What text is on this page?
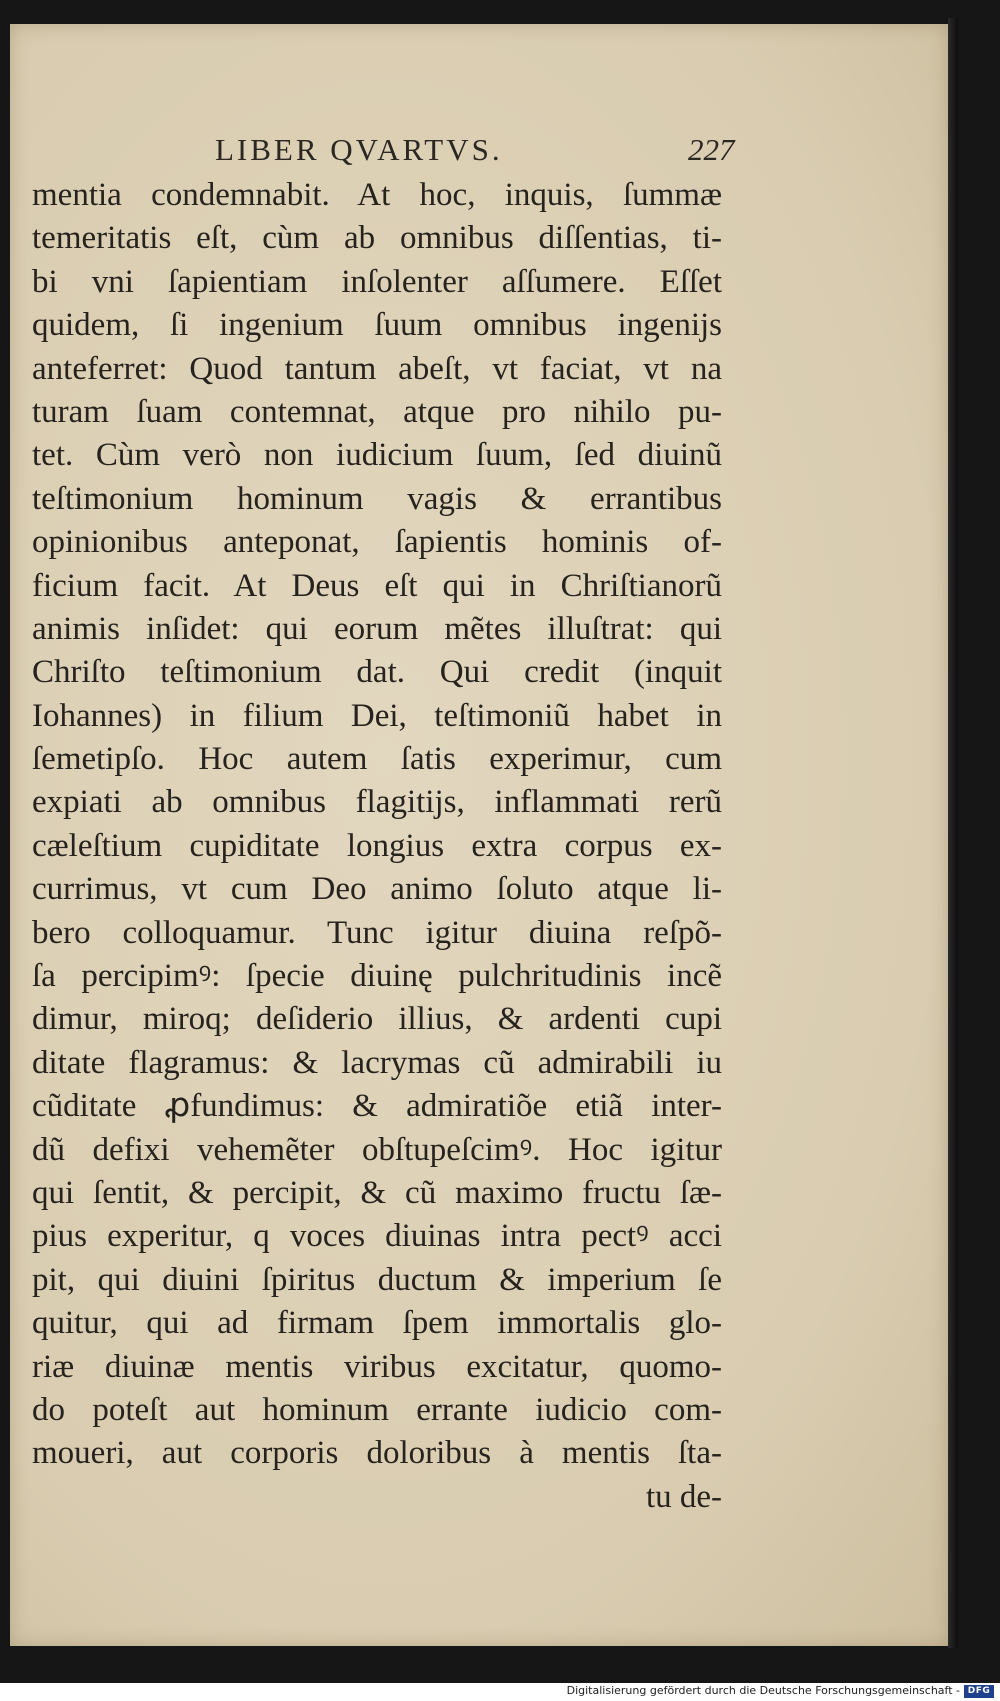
LIBER QVARTVS.	227
mentia condemnabit. At hoc, inquis, ſummæ
temeritatis eſt, cùm ab omnibus diſſentias, ti-
bi vni ſapientiam inſolenter aſſumere. Eſſet
quidem, ſi ingenium ſuum omnibus ingenijs
anteferret: Quod tantum abeſt, vt faciat, vt na
turam ſuam contemnat, atque pro nihilo pu-
tet. Cùm verò non iudicium ſuum, ſed diuinũ
teſtimonium hominum vagis & errantibus
opinionibus anteponat, ſapientis hominis of-
ficium facit. At Deus eſt qui in Chriſtianorũ
animis inſidet: qui eorum mẽtes illuſtrat: qui
Chriſto teſtimonium dat. Qui credit (inquit
Iohannes) in filium Dei, teſtimoniũ habet in
ſemetipſo. Hoc autem ſatis experimur, cum
expiati ab omnibus flagitijs, inflammati rerũ
cæleſtium cupiditate longius extra corpus ex-
currimus, vt cum Deo animo ſoluto atque li-
bero colloquamur. Tunc igitur diuina reſpõ-
ſa percipimꝰ: ſpecie diuinę pulchritudinis incẽ
dimur, miroq; deſiderio illius, & ardenti cupi
ditate flagramus: & lacrymas cũ admirabili iu
cũditate ꝓfundimus: & admiratiõe etiã inter-
dũ defixi vehemẽter obſtupeſcimꝰ. Hoc igitur
qui ſentit, & percipit, & cũ maximo fructu ſæ-
pius experitur, q voces diuinas intra pectꝰ acci
pit, qui diuini ſpiritus ductum & imperium ſe
quitur, qui ad firmam ſpem immortalis glo-
riæ diuinæ mentis viribus excitatur, quomo-
do poteſt aut hominum errante iudicio com-
moueri, aut corporis doloribus à mentis ſta-
tu de-
Digitalisierung gefördert durch die Deutsche Forschungsgemeinschaft - DFG
